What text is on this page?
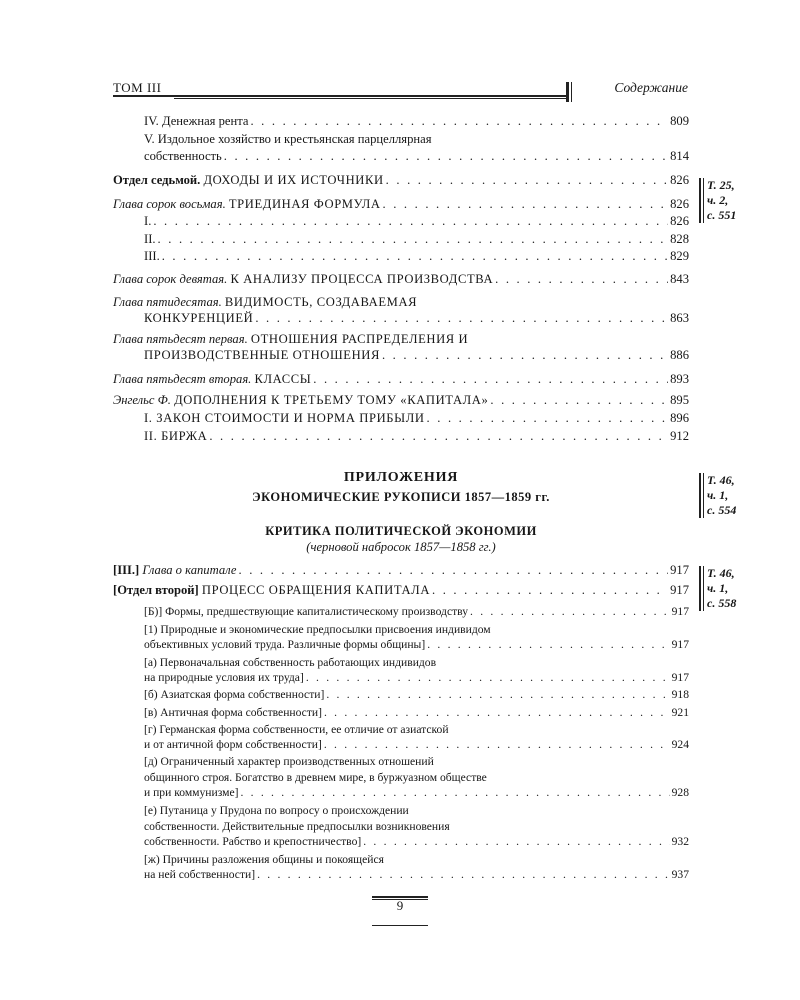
ТОМ III	Содержание
IV. Денежная рента . . .	809
V. Издольное хозяйство и крестьянская парцеллярная
собственность . . .	814
Отдел седьмой. ДОХОДЫ И ИХ ИСТОЧНИКИ . . .	826
Глава сорок восьмая. ТРИЕДИНАЯ ФОРМУЛА . . .	826
I. . . .	826
II. . . .	828
III. . . .	829
Глава сорок девятая. К АНАЛИЗУ ПРОЦЕССА ПРОИЗВОДСТВА . . .	843
Глава пятидесятая. ВИДИМОСТЬ, СОЗДАВАЕМАЯ
КОНКУРЕНЦИЕЙ . . .	863
Глава пятьдесят первая. ОТНОШЕНИЯ РАСПРЕДЕЛЕНИЯ И
ПРОИЗВОДСТВЕННЫЕ ОТНОШЕНИЯ . . .	886
Глава пятьдесят вторая. КЛАССЫ . . .	893
Энгельс Ф. ДОПОЛНЕНИЯ К ТРЕТЬЕМУ ТОМУ «КАПИТАЛА» . . .	895
I. ЗАКОН СТОИМОСТИ И НОРМА ПРИБЫЛИ . . .	896
II. БИРЖА . . .	912
Т. 25,
ч. 2,
с. 551
Т. 46,
ч. 1,
с. 554
Т. 46,
ч. 1,
с. 558
ПРИЛОЖЕНИЯ
ЭКОНОМИЧЕСКИЕ РУКОПИСИ 1857—1859 гг.
КРИТИКА ПОЛИТИЧЕСКОЙ ЭКОНОМИИ
(черновой набросок 1857—1858 гг.)
[III.] Глава о капитале . . .	917
[Отдел второй] ПРОЦЕСС ОБРАЩЕНИЯ КАПИТАЛА . . .	917
[Б)] Формы, предшествующие капиталистическому производству . . .	917
[1) Природные и экономические предпосылки присвоения индивидом
объективных условий труда. Различные формы общины] . . .	917
[а) Первоначальная собственность работающих индивидов
на природные условия их труда] . . .	917
[б) Азиатская форма собственности] . . .	918
[в) Античная форма собственности] . . .	921
[г) Германская форма собственности, ее отличие от азиатской
и от античной форм собственности] . . .	924
[д) Ограниченный характер производственных отношений
общинного строя. Богатство в древнем мире, в буржуазном обществе
и при коммунизме] . . .	928
[е) Путаница у Прудона по вопросу о происхождении
собственности. Действительные предпосылки возникновения
собственности. Рабство и крепостничество] . . .	932
[ж) Причины разложения общины и покоящейся
на ней собственности] . . .	937
9
